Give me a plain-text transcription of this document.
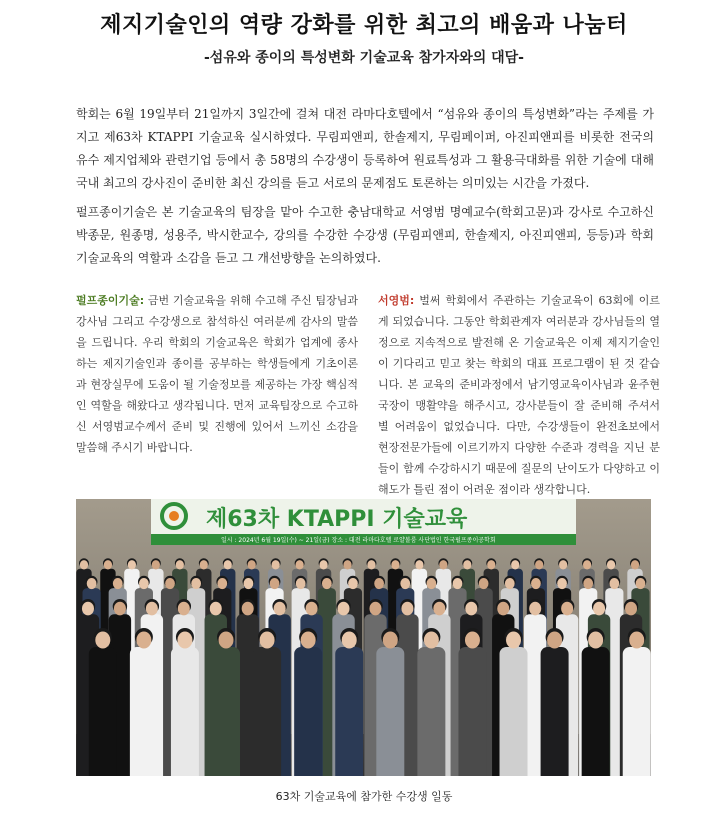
제지기술인의 역량 강화를 위한 최고의 배움과 나눔터
-섬유와 종이의 특성변화 기술교육 참가자와의 대담-

학회는 6월 19일부터 21일까지 3일간에 걸쳐 대전 라마다호텔에서 “섬유와 종이의 특성변화”라는 주제를 가지고 제63차 KTAPPI 기술교육 실시하였다. 무림피앤피, 한솔제지, 무림페이퍼, 아진피앤피를 비롯한 전국의 유수 제지업체와 관련기업 등에서 총 58명의 수강생이 등록하여 원료특성과 그 활용극대화를 위한 기술에 대해 국내 최고의 강사진이 준비한 최신 강의를 듣고 서로의 문제점도 토론하는 의미있는 시간을 가졌다.

펄프종이기술은 본 기술교육의 팀장을 맡아 수고한 충남대학교 서영범 명예교수(학회고문)과 강사로 수고하신 박종문, 원종명, 성용주, 박시한교수, 강의를 수강한 수강생 (무림피앤피, 한솔제지, 아진피앤피, 등등)과 학회 기술교육의 역할과 소감을 듣고 그 개선방향을 논의하였다.

펄프종이기술: 금번 기술교육을 위해 수고해 주신 팀장님과 강사님 그리고 수강생으로 참석하신 여러분께 감사의 말씀을 드립니다. 우리 학회의 기술교육은 학회가 업계에 종사하는 제지기술인과 종이를 공부하는 학생들에게 기초이론과 현장실무에 도움이 될 기술정보를 제공하는 가장 핵심적인 역할을 해왔다고 생각됩니다. 먼저 교육팀장으로 수고하신 서영범교수께서 준비 및 진행에 있어서 느끼신 소감을 말씀해 주시기 바랍니다.
서영범: 벌써 학회에서 주관하는 기술교육이 63회에 이르게 되었습니다. 그동안 학회관계자 여러분과 강사님들의 열정으로 지속적으로 발전해 온 기술교육은 이제 제지기술인이 기다리고 믿고 찾는 학회의 대표 프로그램이 된 것 같습니다. 본 교육의 준비과정에서 남기영교육이사님과 윤주현국장이 맹활약을 해주시고, 강사분들이 잘 준비해 주셔서 별 어려움이 없었습니다. 다만, 수강생들이 완전초보에서 현장전문가들에 이르기까지 다양한 수준과 경력을 지닌 분들이 함께 수강하시기 때문에 질문의 난이도가 다양하고 이해도가 틀린 점이 어려운 점이라 생각합니다.
제63차 KTAPPI 기술교육
일시 : 2024년 6월 19일(수) ~ 21일(금) 장소 : 대전 라마다호텔 로얄볼룸 사단법인 한국펄프종이공학회
63차 기술교육에 참가한 수강생 일동
